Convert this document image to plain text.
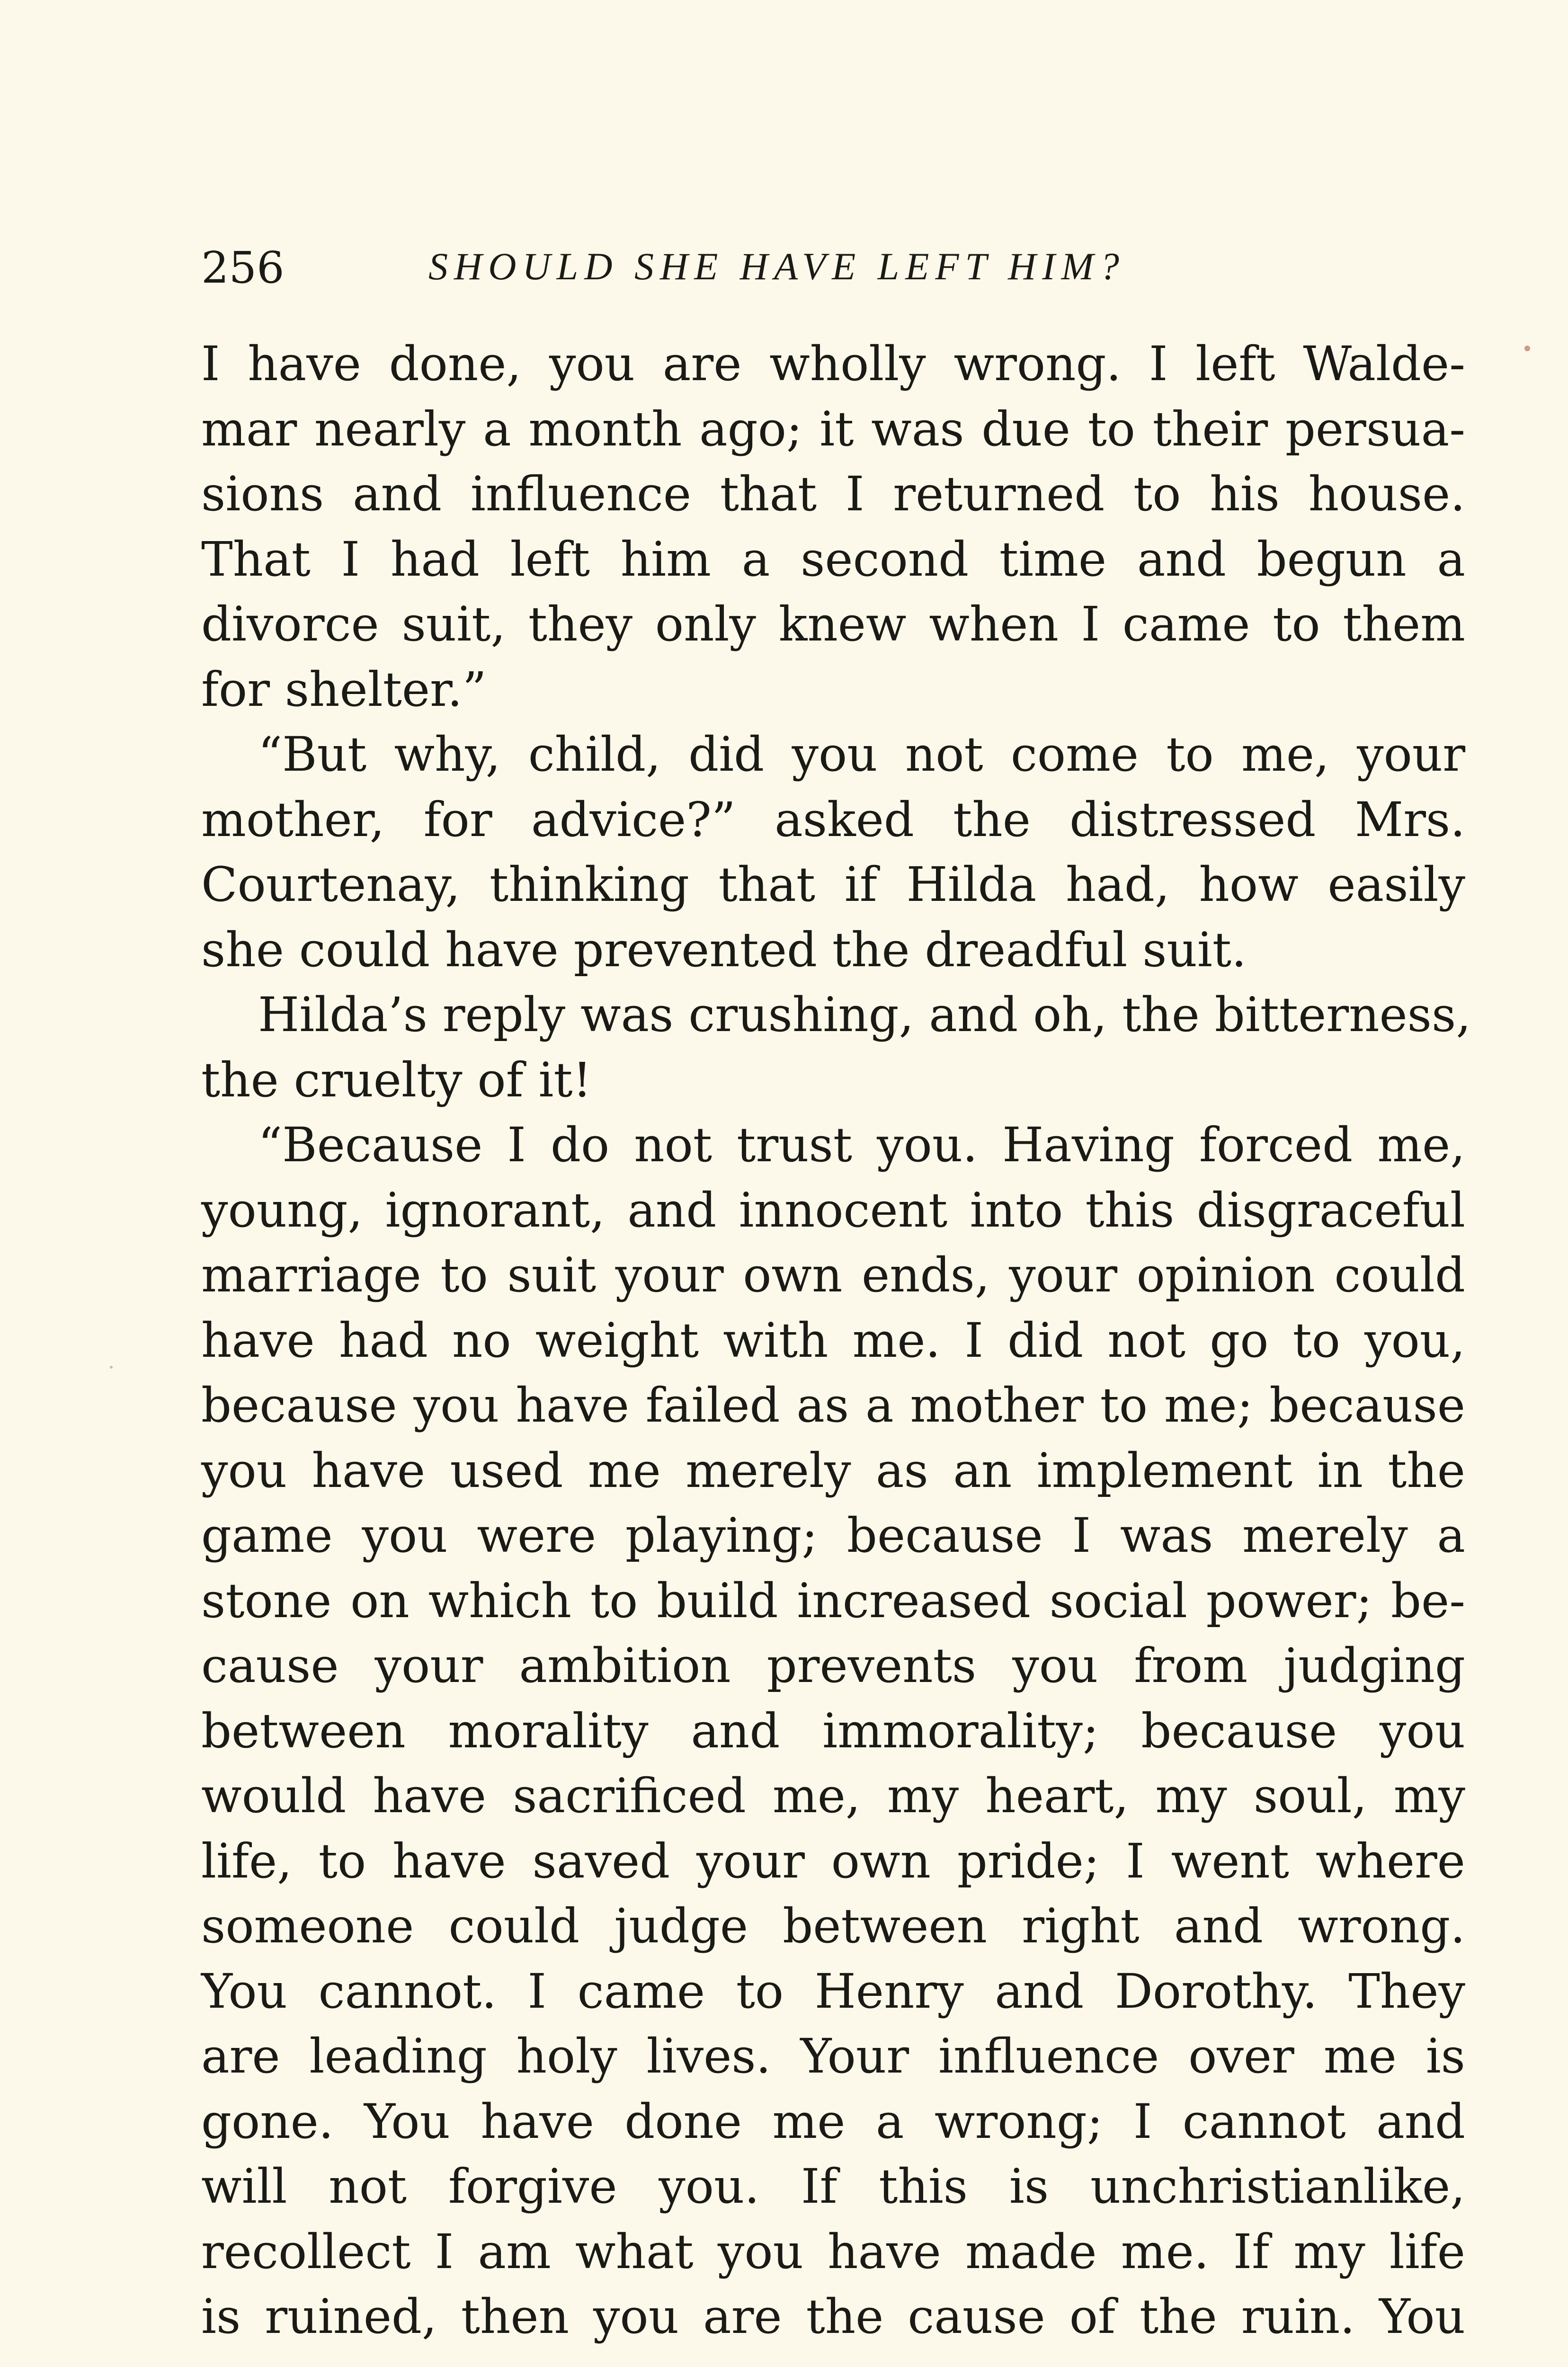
256	SHOULD SHE HAVE LEFT HIM?
I have done, you are wholly wrong. I left Walde-
mar nearly a month ago; it was due to their persua-
sions and influence that I returned to his house.
That I had left him a second time and begun a
divorce suit, they only knew when I came to them
for shelter.”
“But why, child, did you not come to me, your
mother, for advice?” asked the distressed Mrs.
Courtenay, thinking that if Hilda had, how easily
she could have prevented the dreadful suit.
Hilda’s reply was crushing, and oh, the bitterness,
the cruelty of it!
“Because I do not trust you. Having forced me,
young, ignorant, and innocent into this disgraceful
marriage to suit your own ends, your opinion could
have had no weight with me. I did not go to you,
because you have failed as a mother to me; because
you have used me merely as an implement in the
game you were playing; because I was merely a
stone on which to build increased social power; be-
cause your ambition prevents you from judging
between morality and immorality; because you
would have sacrificed me, my heart, my soul, my
life, to have saved your own pride; I went where
someone could judge between right and wrong.
You cannot. I came to Henry and Dorothy. They
are leading holy lives. Your influence over me is
gone. You have done me a wrong; I cannot and
will not forgive you. If this is unchristianlike,
recollect I am what you have made me. If my life
is ruined, then you are the cause of the ruin. You
